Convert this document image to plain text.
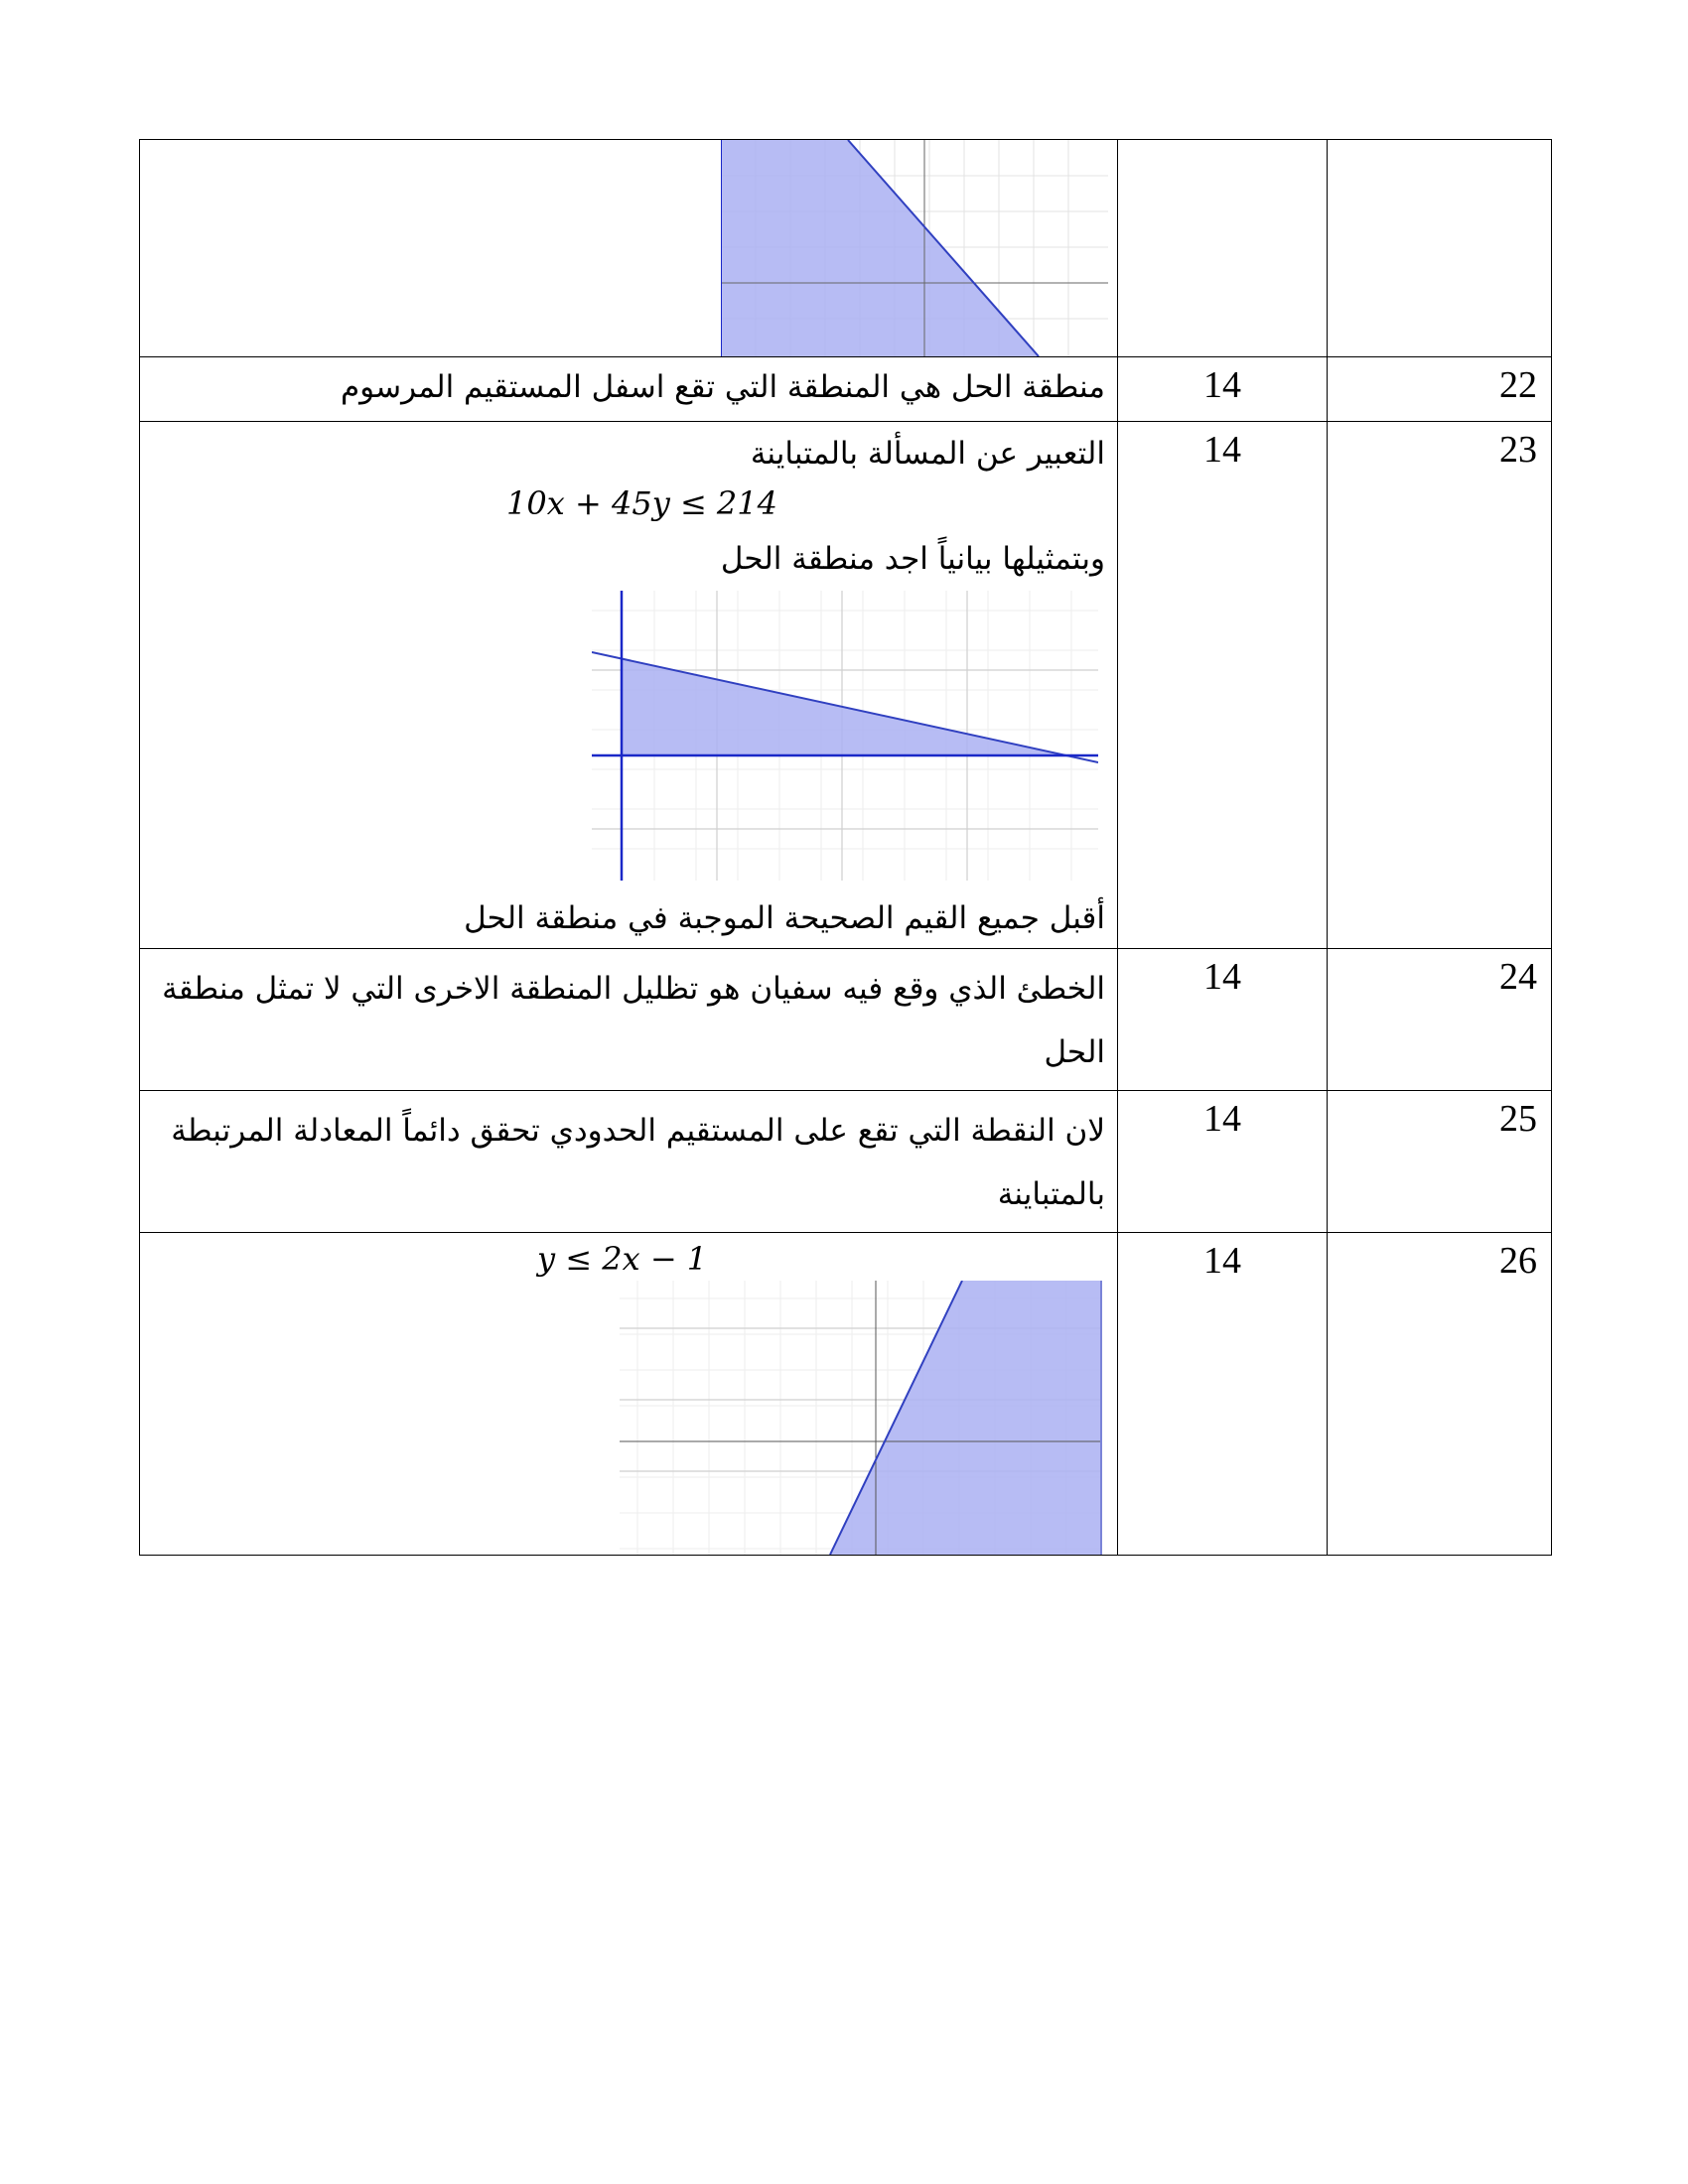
منطقة الحل هي المنطقة التي تقع اسفل المستقيم المرسوم	14	22

التعبير عن المسألة بالمتباينة

10x + 45y ≤ 214

وبتمثيلها بيانياً اجد منطقة الحل

أقبل جميع القيم الصحيحة الموجبة في منطقة الحل	14	23

الخطئ الذي وقع فيه سفيان هو تظليل المنطقة الاخرى التي لا تمثل منطقة الحل	14	24

لان النقطة التي تقع على المستقيم الحدودي تحقق دائماً المعادلة المرتبطة بالمتباينة	14	25

y ≤ 2x − 1	14	26
